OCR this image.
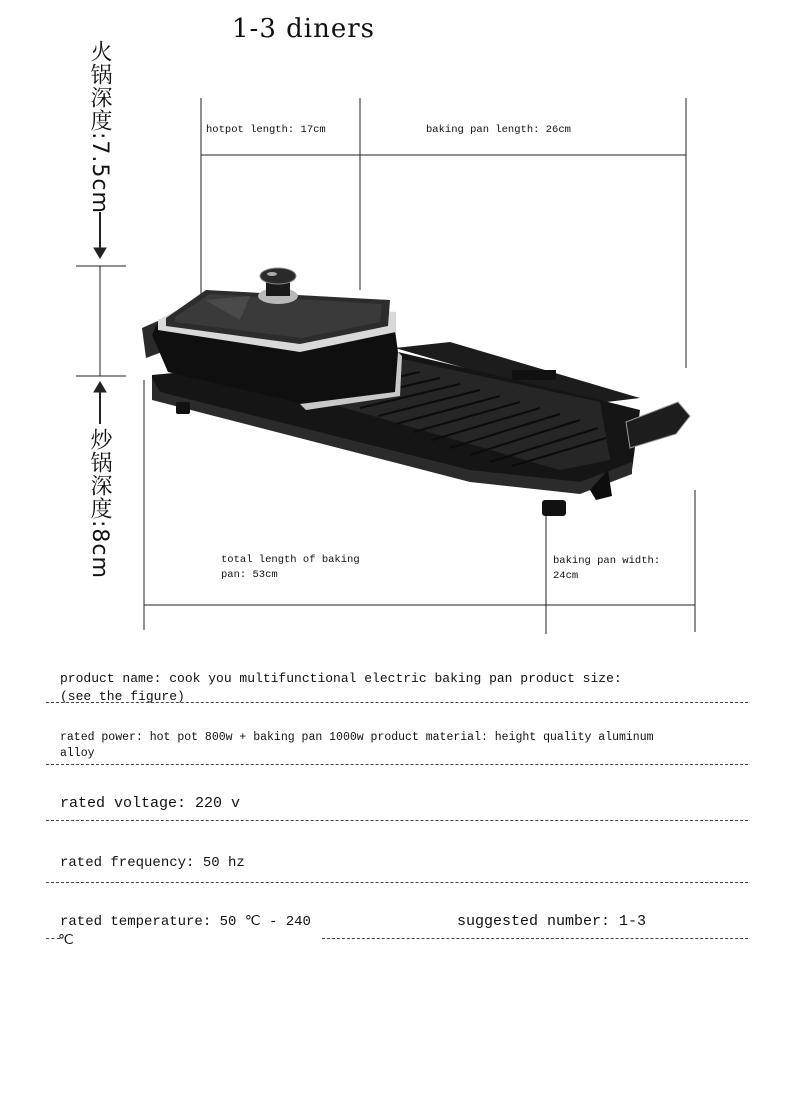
1-3 diners
火锅深度:7.5cm
炒锅深度:8cm
hotpot length: 17cm	baking pan length: 26cm
total length of baking
pan: 53cm
baking pan width:
24cm
product name: cook you multifunctional electric baking pan product size:
(see the figure)
rated power: hot pot 800w + baking pan 1000w product material: height quality aluminum
alloy
rated voltage: 220 v
rated frequency: 50 hz
rated temperature: 50 ℃ - 240
℃
suggested number: 1-3
